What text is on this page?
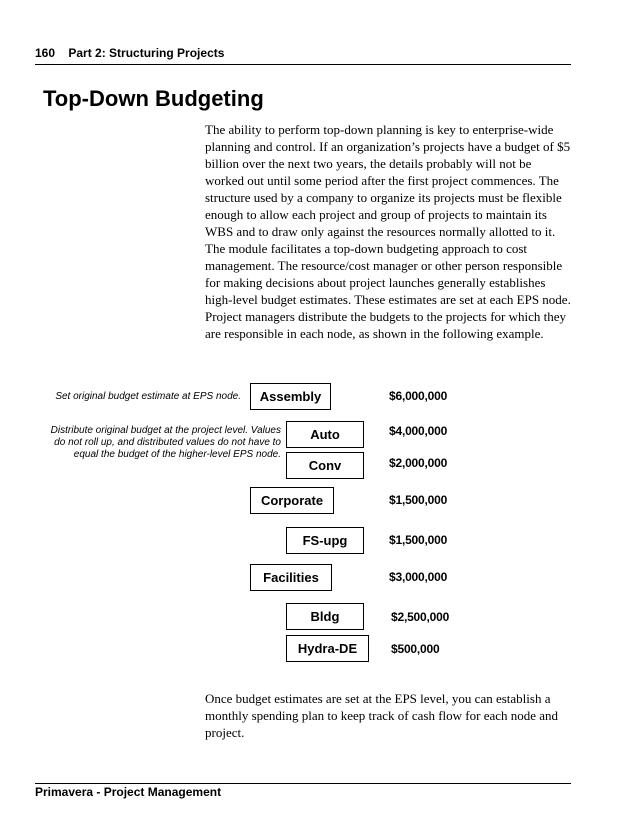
160 Part 2: Structuring Projects
Top-Down Budgeting

The ability to perform top-down planning is key to enterprise-wide planning and control. If an organization’s projects have a budget of $5 billion over the next two years, the details probably will not be worked out until some period after the first project commences. The structure used by a company to organize its projects must be flexible enough to allow each project and group of projects to maintain its WBS and to draw only against the resources normally allotted to it.

The module facilitates a top-down budgeting approach to cost management. The resource/cost manager or other person responsible for making decisions about project launches generally establishes high-level budget estimates. These estimates are set at each EPS node. Project managers distribute the budgets to the projects for which they are responsible in each node, as shown in the following example.

Set original budget estimate at EPS node.
Distribute original budget at the project level. Values do not roll up, and distributed values do not have to equal the budget of the higher-level EPS node.
Assembly	$6,000,000
Auto	$4,000,000
Conv	$2,000,000
Corporate	$1,500,000
FS-upg	$1,500,000
Facilities	$3,000,000
Bldg	$2,500,000
Hydra-DE	$500,000

Once budget estimates are set at the EPS level, you can establish a monthly spending plan to keep track of cash flow for each node and project.

Primavera - Project Management
